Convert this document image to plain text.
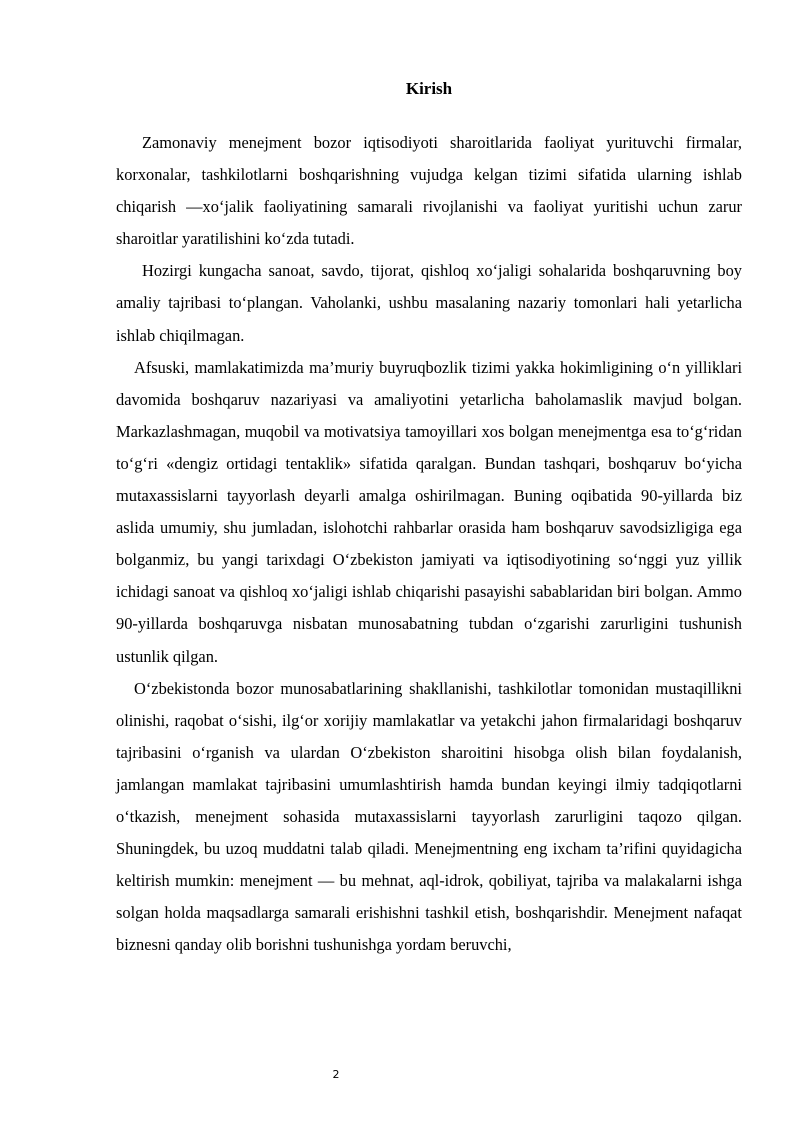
Kirish

Zamonaviy menejment bozor iqtisodiyoti sharoitlarida faoliyat yurituvchi firmalar, korxonalar, tashkilotlarni boshqarishning vujudga kelgan tizimi sifatida ularning ishlab chiqarish —xo‘jalik faoliyatining samarali rivojlanishi va faoliyat yuritishi uchun zarur sharoitlar yaratilishini ko‘zda tutadi.

Hozirgi kungacha sanoat, savdo, tijorat, qishloq xo‘jaligi sohalarida boshqaruvning boy amaliy tajribasi to‘plangan. Vaholanki, ushbu masalaning nazariy tomonlari hali yetarlicha ishlab chiqilmagan.

Afsuski, mamlakatimizda ma’muriy buyruqbozlik tizimi yakka hokimligining o‘n yilliklari davomida boshqaruv nazariyasi va amaliyotini yetarlicha baholamaslik mavjud bolgan. Markazlashmagan, muqobil va motivatsiya tamoyillari xos bolgan menejmentga esa to‘g‘ridan to‘g‘ri «dengiz ortidagi tentaklik» sifatida qaralgan. Bundan tashqari, boshqaruv bo‘yicha mutaxassislarni tayyorlash deyarli amalga oshirilmagan. Buning oqibatida 90-yillarda biz aslida umumiy, shu jumladan, islohotchi rahbarlar orasida ham boshqaruv savodsizligiga ega bolganmiz, bu yangi tarixdagi O‘zbekiston jamiyati va iqtisodiyotining so‘nggi yuz yillik ichidagi sanoat va qishloq xo‘jaligi ishlab chiqarishi pasayishi sabablaridan biri bolgan. Ammo 90-yillarda boshqaruvga nisbatan munosabatning tubdan o‘zgarishi zarurligini tushunish ustunlik qilgan.

O‘zbekistonda bozor munosabatlarining shakllanishi, tashkilotlar tomonidan mustaqillikni olinishi, raqobat o‘sishi, ilg‘or xorijiy mamlakatlar va yetakchi jahon firmalaridagi boshqaruv tajribasini o‘rganish va ulardan O‘zbekiston sharoitini hisobga olish bilan foydalanish, jamlangan mamlakat tajribasini umumlashtirish hamda bundan keyingi ilmiy tadqiqotlarni o‘tkazish, menejment sohasida mutaxassislarni tayyorlash zarurligini taqozo qilgan. Shuningdek, bu uzoq muddatni talab qiladi. Menejmentning eng ixcham ta’rifini quyidagicha keltirish mumkin: menejment — bu mehnat, aql-idrok, qobiliyat, tajriba va malakalarni ishga solgan holda maqsadlarga samarali erishishni tashkil etish, boshqarishdir. Menejment nafaqat biznesni qanday olib borishni tushunishga yordam beruvchi,

2
